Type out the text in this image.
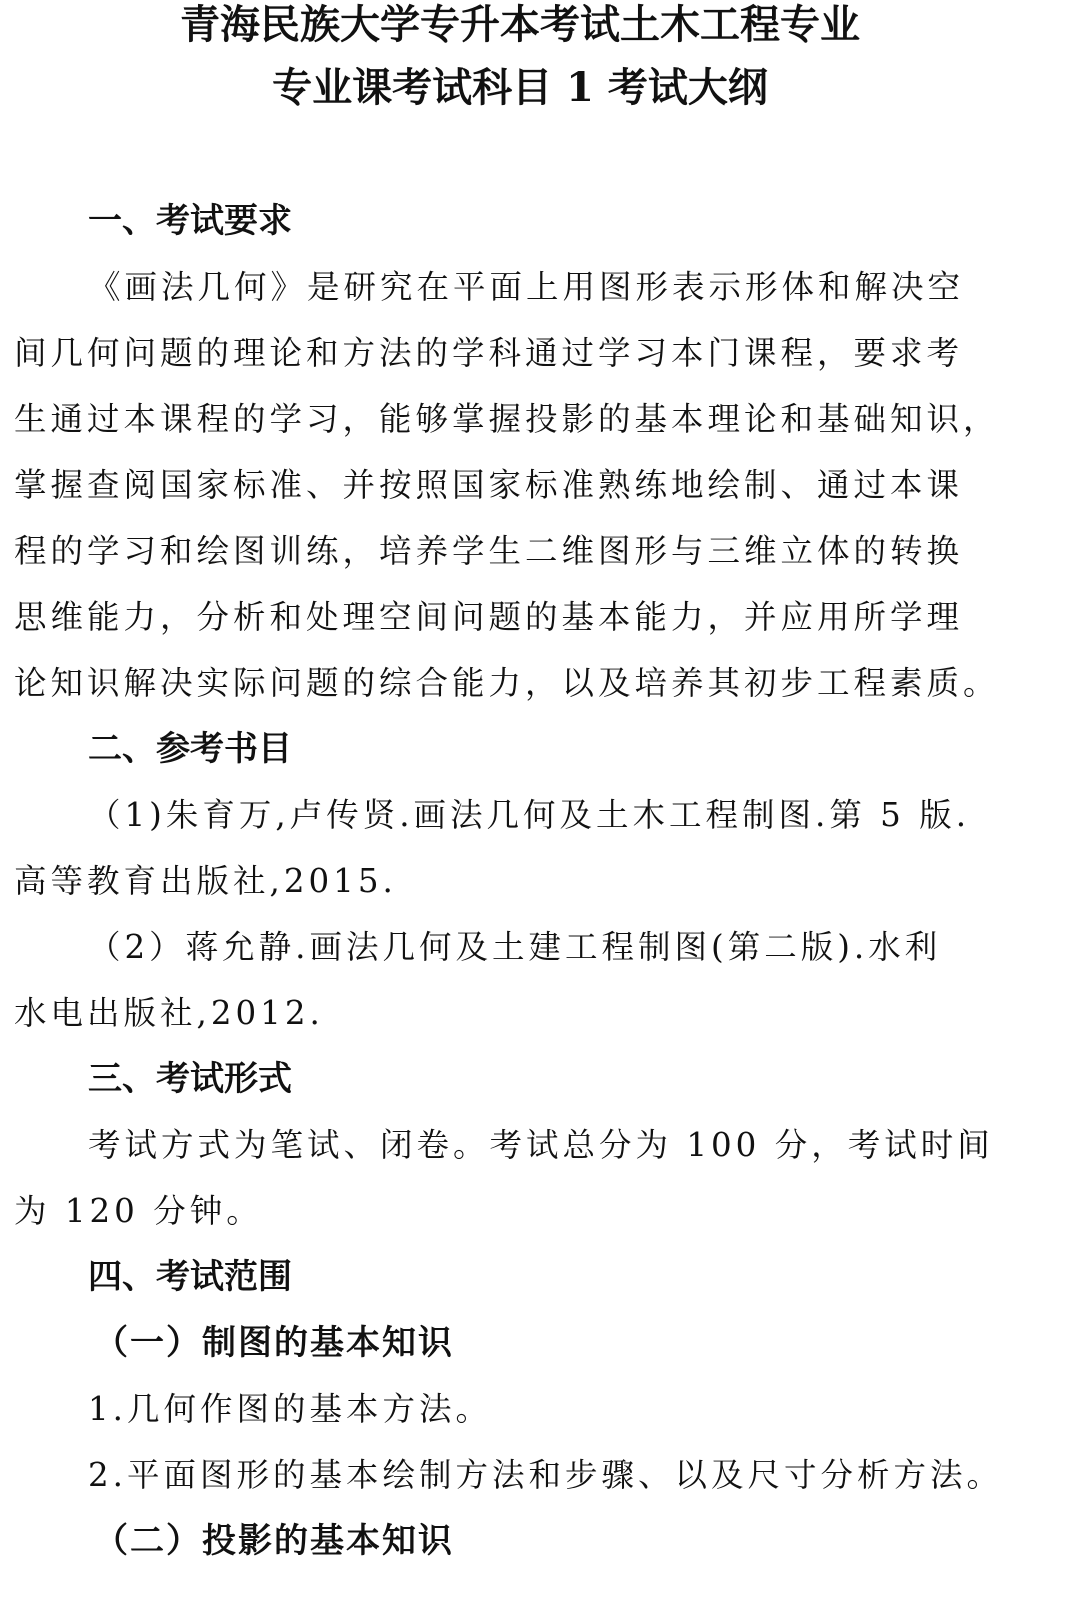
青海民族大学专升本考试土木工程专业
专业课考试科目 1 考试大纲
一、考试要求
《画法几何》是研究在平面上用图形表示形体和解决空
间几何问题的理论和方法的学科通过学习本门课程，要求考
生通过本课程的学习，能够掌握投影的基本理论和基础知识，
掌握查阅国家标准、并按照国家标准熟练地绘制、通过本课
程的学习和绘图训练，培养学生二维图形与三维立体的转换
思维能力，分析和处理空间问题的基本能力，并应用所学理
论知识解决实际问题的综合能力，以及培养其初步工程素质。
二、参考书目
（1)朱育万,卢传贤.画法几何及土木工程制图.第 5 版.
高等教育出版社,2015.
（2）蒋允静.画法几何及土建工程制图(第二版).水利
水电出版社,2012.
三、考试形式
考试方式为笔试、闭卷。考试总分为 100 分，考试时间
为 120 分钟。
四、考试范围
（一）制图的基本知识
1.几何作图的基本方法。
2.平面图形的基本绘制方法和步骤、以及尺寸分析方法。
（二）投影的基本知识
